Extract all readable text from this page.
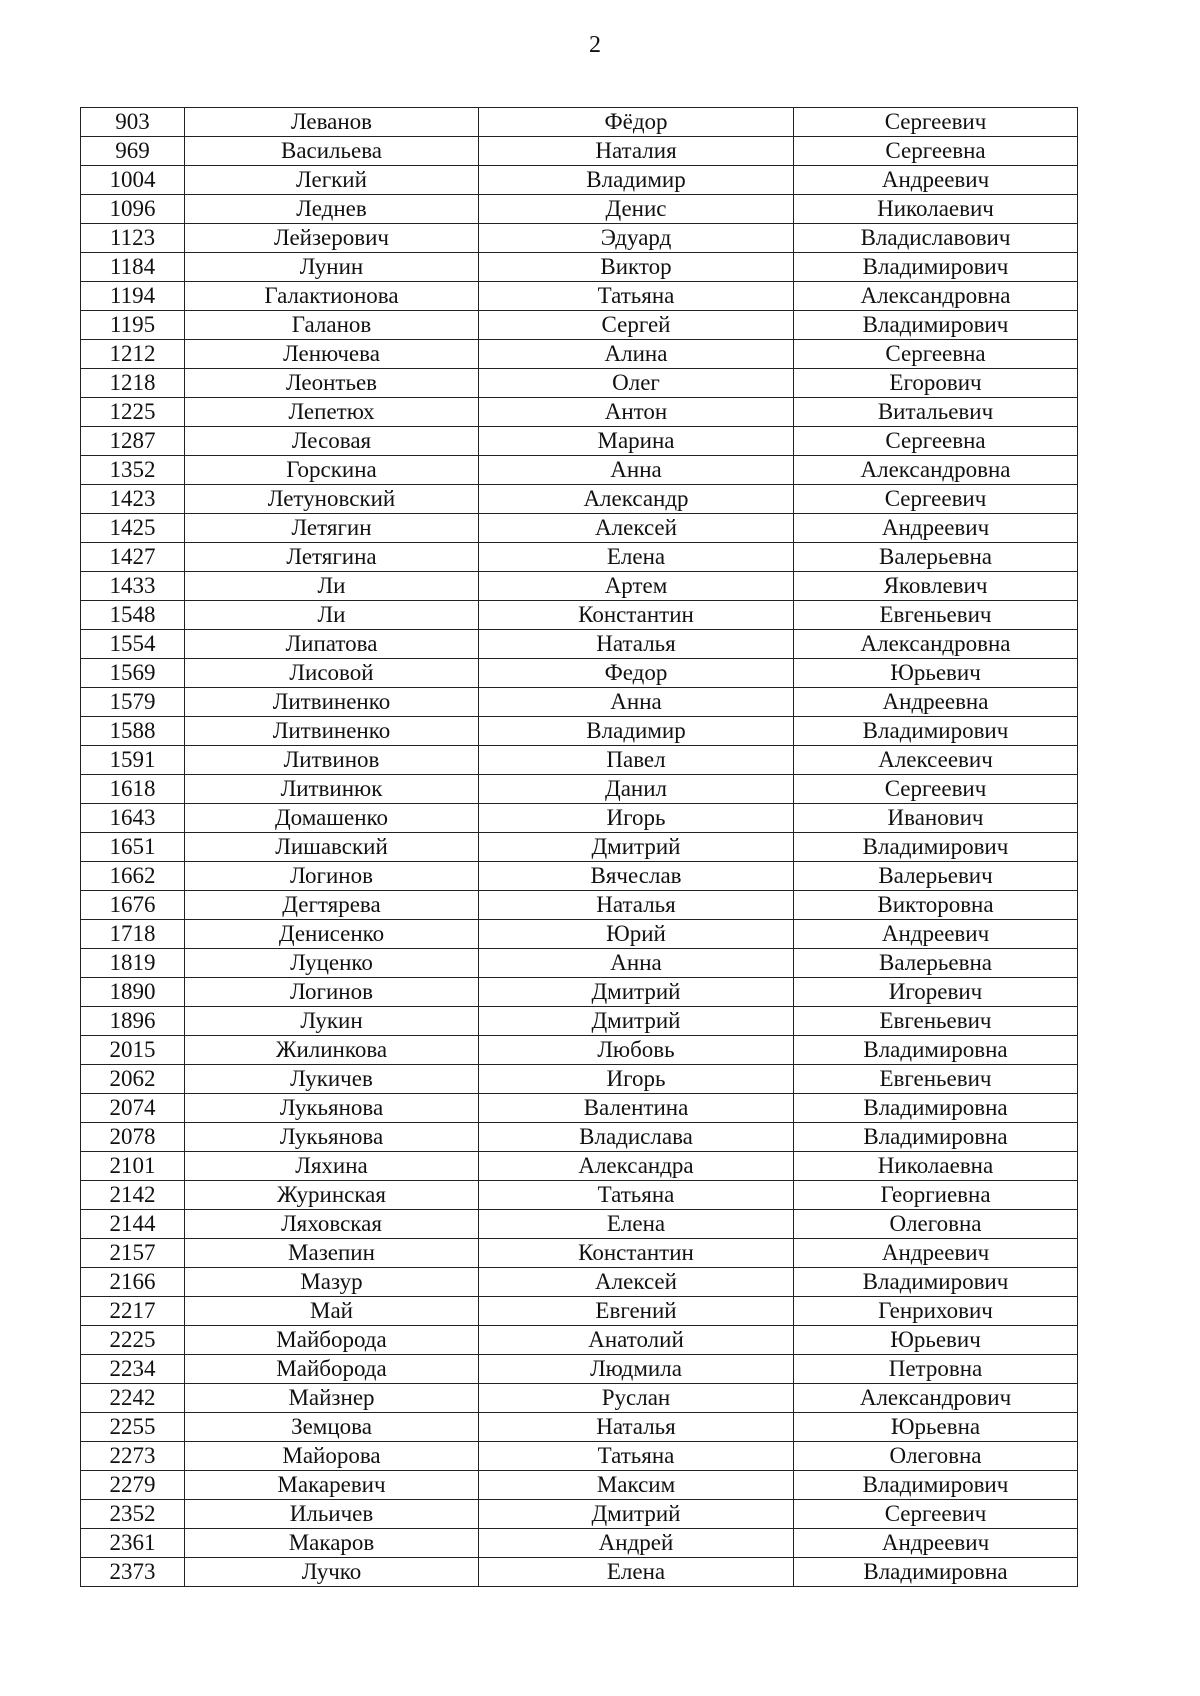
2
903	Леванов	Фёдор	Сергеевич
969	Васильева	Наталия	Сергеевна
1004	Легкий	Владимир	Андреевич
1096	Леднев	Денис	Николаевич
1123	Лейзерович	Эдуард	Владиславович
1184	Лунин	Виктор	Владимирович
1194	Галактионова	Татьяна	Александровна
1195	Галанов	Сергей	Владимирович
1212	Ленючева	Алина	Сергеевна
1218	Леонтьев	Олег	Егорович
1225	Лепетюх	Антон	Витальевич
1287	Лесовая	Марина	Сергеевна
1352	Горскина	Анна	Александровна
1423	Летуновский	Александр	Сергеевич
1425	Летягин	Алексей	Андреевич
1427	Летягина	Елена	Валерьевна
1433	Ли	Артем	Яковлевич
1548	Ли	Константин	Евгеньевич
1554	Липатова	Наталья	Александровна
1569	Лисовой	Федор	Юрьевич
1579	Литвиненко	Анна	Андреевна
1588	Литвиненко	Владимир	Владимирович
1591	Литвинов	Павел	Алексеевич
1618	Литвинюк	Данил	Сергеевич
1643	Домашенко	Игорь	Иванович
1651	Лишавский	Дмитрий	Владимирович
1662	Логинов	Вячеслав	Валерьевич
1676	Дегтярева	Наталья	Викторовна
1718	Денисенко	Юрий	Андреевич
1819	Луценко	Анна	Валерьевна
1890	Логинов	Дмитрий	Игоревич
1896	Лукин	Дмитрий	Евгеньевич
2015	Жилинкова	Любовь	Владимировна
2062	Лукичев	Игорь	Евгеньевич
2074	Лукьянова	Валентина	Владимировна
2078	Лукьянова	Владислава	Владимировна
2101	Ляхина	Александра	Николаевна
2142	Журинская	Татьяна	Георгиевна
2144	Ляховская	Елена	Олеговна
2157	Мазепин	Константин	Андреевич
2166	Мазур	Алексей	Владимирович
2217	Май	Евгений	Генрихович
2225	Майборода	Анатолий	Юрьевич
2234	Майборода	Людмила	Петровна
2242	Майзнер	Руслан	Александрович
2255	Земцова	Наталья	Юрьевна
2273	Майорова	Татьяна	Олеговна
2279	Макаревич	Максим	Владимирович
2352	Ильичев	Дмитрий	Сергеевич
2361	Макаров	Андрей	Андреевич
2373	Лучко	Елена	Владимировна
